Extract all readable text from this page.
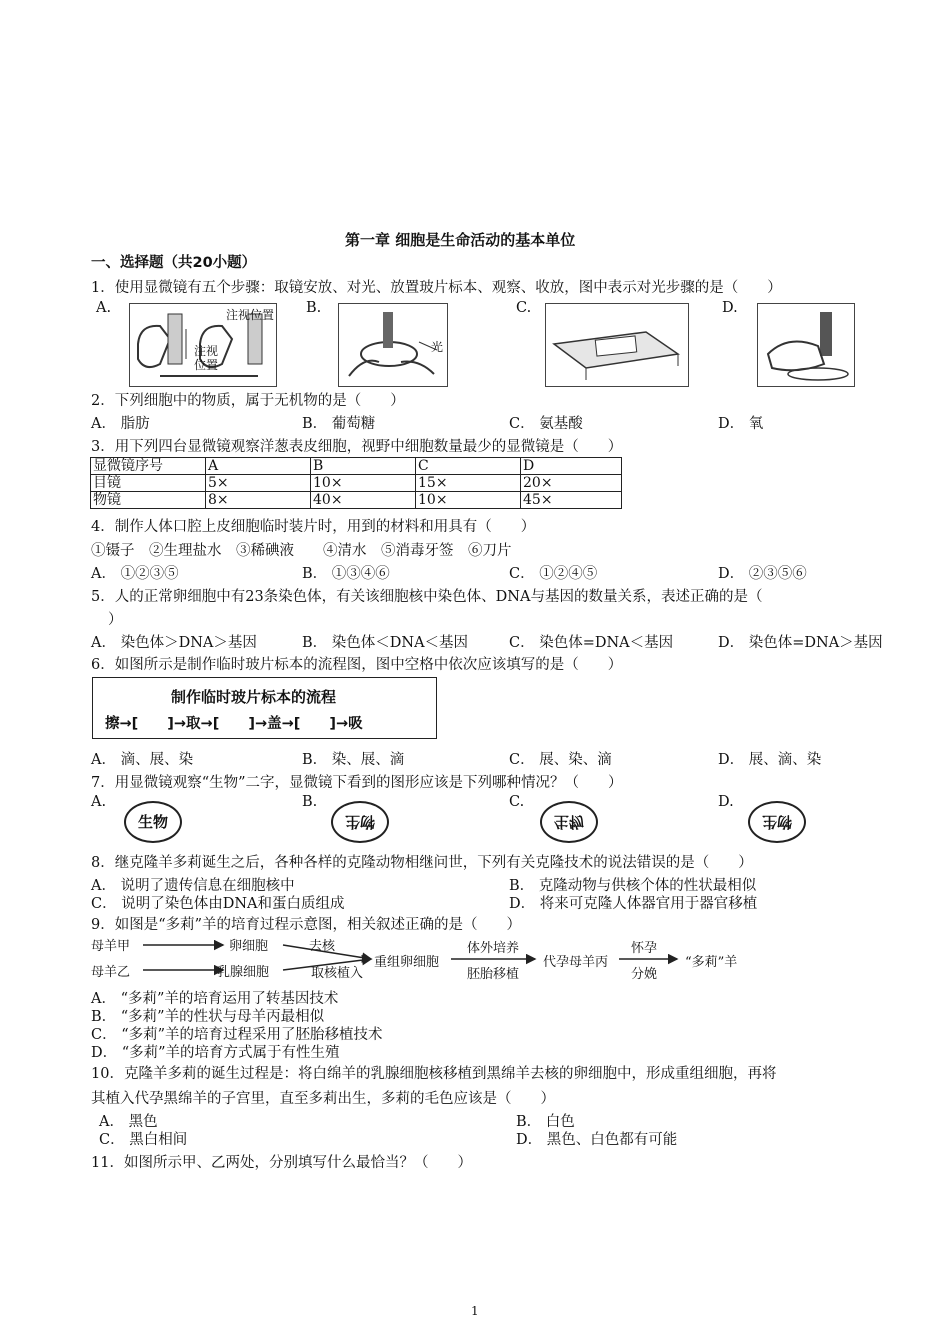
第一章 细胞是生命活动的基本单位
一、选择题（共20小题）
1．使用显微镜有五个步骤：取镜安放、对光、放置玻片标本、观察、收放，图中表示对光步骤的是（　　）
A.	B.	C.	D.
注视位置
注视
位置
光
2．下列细胞中的物质，属于无机物的是（　　）
A． 脂肪	B． 葡萄糖	C． 氨基酸	D． 氧
3．用下列四台显微镜观察洋葱表皮细胞，视野中细胞数量最少的显微镜是（　　）
显微镜序号	A	B	C	D
目镜	5×	10×	15×	20×
物镜	8×	40×	10×	45×
4．制作人体口腔上皮细胞临时装片时，用到的材料和用具有（　　）
①镊子　②生理盐水　③稀碘液　　④清水　⑤消毒牙签　⑥刀片
A． ①②③⑤	B． ①③④⑥	C． ①②④⑤	D． ②③⑤⑥
5．人的正常卵细胞中有23条染色体，有关该细胞核中染色体、DNA与基因的数量关系，表述正确的是（
）
A． 染色体＞DNA＞基因	B． 染色体＜DNA＜基因	C． 染色体=DNA＜基因	D． 染色体=DNA＞基因
6．如图所示是制作临时玻片标本的流程图，图中空格中依次应该填写的是（　　）
制作临时玻片标本的流程
擦→[　　]→取→[　　]→盖→[　　]→吸
A． 滴、展、染	B． 染、展、滴	C． 展、染、滴	D． 展、滴、染
7．用显微镜观察“生物”二字，显微镜下看到的图形应该是下列哪种情况？（　　）
A.	B.	C.	D.
生物	物生	生物	物生
8．继克隆羊多莉诞生之后，各种各样的克隆动物相继问世，下列有关克隆技术的说法错误的是（　　）
A． 说明了遗传信息在细胞核中	B． 克隆动物与供核个体的性状最相似
C． 说明了染色体由DNA和蛋白质组成	D． 将来可克隆人体器官用于器官移植
9．如图是“多莉”羊的培育过程示意图，相关叙述正确的是（　　）
母羊甲
母羊乙
卵细胞
乳腺细胞
去核
取核植入
重组卵细胞
体外培养
胚胎移植
代孕母羊丙
怀孕
分娩
“多莉”羊
A． “多莉”羊的培育运用了转基因技术
B． “多莉”羊的性状与母羊丙最相似
C． “多莉”羊的培育过程采用了胚胎移植技术
D． “多莉”羊的培育方式属于有性生殖
10．克隆羊多莉的诞生过程是：将白绵羊的乳腺细胞核移植到黑绵羊去核的卵细胞中，形成重组细胞，再将
其植入代孕黑绵羊的子宫里，直至多莉出生，多莉的毛色应该是（　　）
A． 黑色	B． 白色
C． 黑白相间	D． 黑色、白色都有可能
11．如图所示甲、乙两处，分别填写什么最恰当？（　　）
1
